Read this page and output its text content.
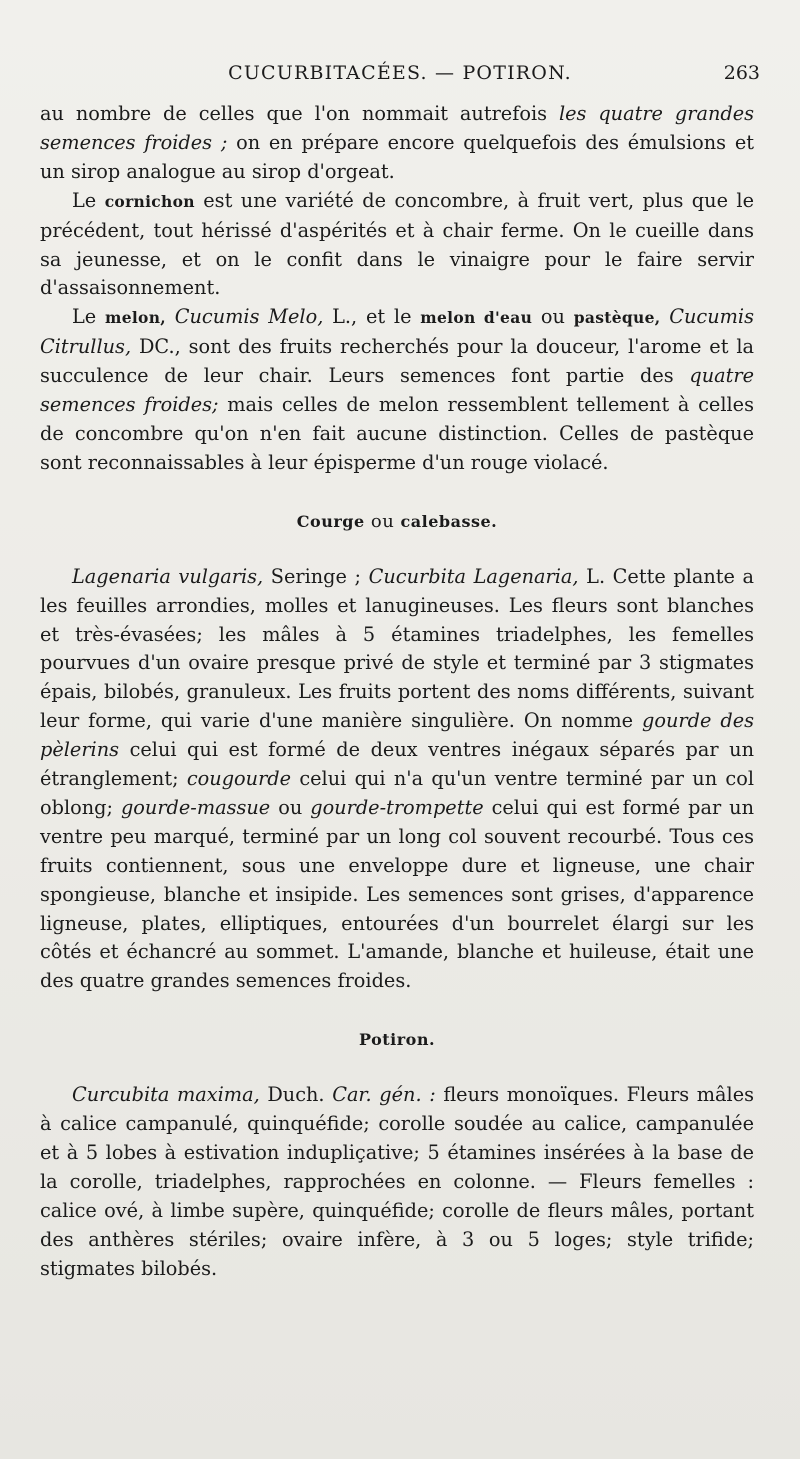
CUCURBITACÉES. — POTIRON.	263

au nombre de celles que l'on nommait autrefois les quatre grandes semences froides ; on en prépare encore quelquefois des émulsions et un sirop analogue au sirop d'orgeat.

Le cornichon est une variété de concombre, à fruit vert, plus que le précédent, tout hérissé d'aspérités et à chair ferme. On le cueille dans sa jeunesse, et on le confit dans le vinaigre pour le faire servir d'assaisonnement.

Le melon, Cucumis Melo, L., et le melon d'eau ou pastèque, Cucumis Citrullus, DC., sont des fruits recherchés pour la douceur, l'arome et la succulence de leur chair. Leurs semences font partie des quatre semences froides; mais celles de melon ressemblent tellement à celles de concombre qu'on n'en fait aucune distinction. Celles de pastèque sont reconnaissables à leur épisperme d'un rouge violacé.

Courge ou calebasse.

Lagenaria vulgaris, Seringe ; Cucurbita Lagenaria, L. Cette plante a les feuilles arrondies, molles et lanugineuses. Les fleurs sont blanches et très-évasées; les mâles à 5 étamines triadelphes, les femelles pourvues d'un ovaire presque privé de style et terminé par 3 stigmates épais, bilobés, granuleux. Les fruits portent des noms différents, suivant leur forme, qui varie d'une manière singulière. On nomme gourde des pèlerins celui qui est formé de deux ventres inégaux séparés par un étranglement; cougourde celui qui n'a qu'un ventre terminé par un col oblong; gourde-massue ou gourde-trompette celui qui est formé par un ventre peu marqué, terminé par un long col souvent recourbé. Tous ces fruits contiennent, sous une enveloppe dure et ligneuse, une chair spongieuse, blanche et insipide. Les semences sont grises, d'apparence ligneuse, plates, elliptiques, entourées d'un bourrelet élargi sur les côtés et échancré au sommet. L'amande, blanche et huileuse, était une des quatre grandes semences froides.

Potiron.

Curcubita maxima, Duch. Car. gén. : fleurs monoïques. Fleurs mâles à calice campanulé, quinquéfide; corolle soudée au calice, campanulée et à 5 lobes à estivation indupliçative; 5 étamines insérées à la base de la corolle, triadelphes, rapprochées en colonne. — Fleurs femelles : calice ové, à limbe supère, quinquéfide; corolle de fleurs mâles, portant des anthères stériles; ovaire infère, à 3 ou 5 loges; style trifide; stigmates bilobés.
